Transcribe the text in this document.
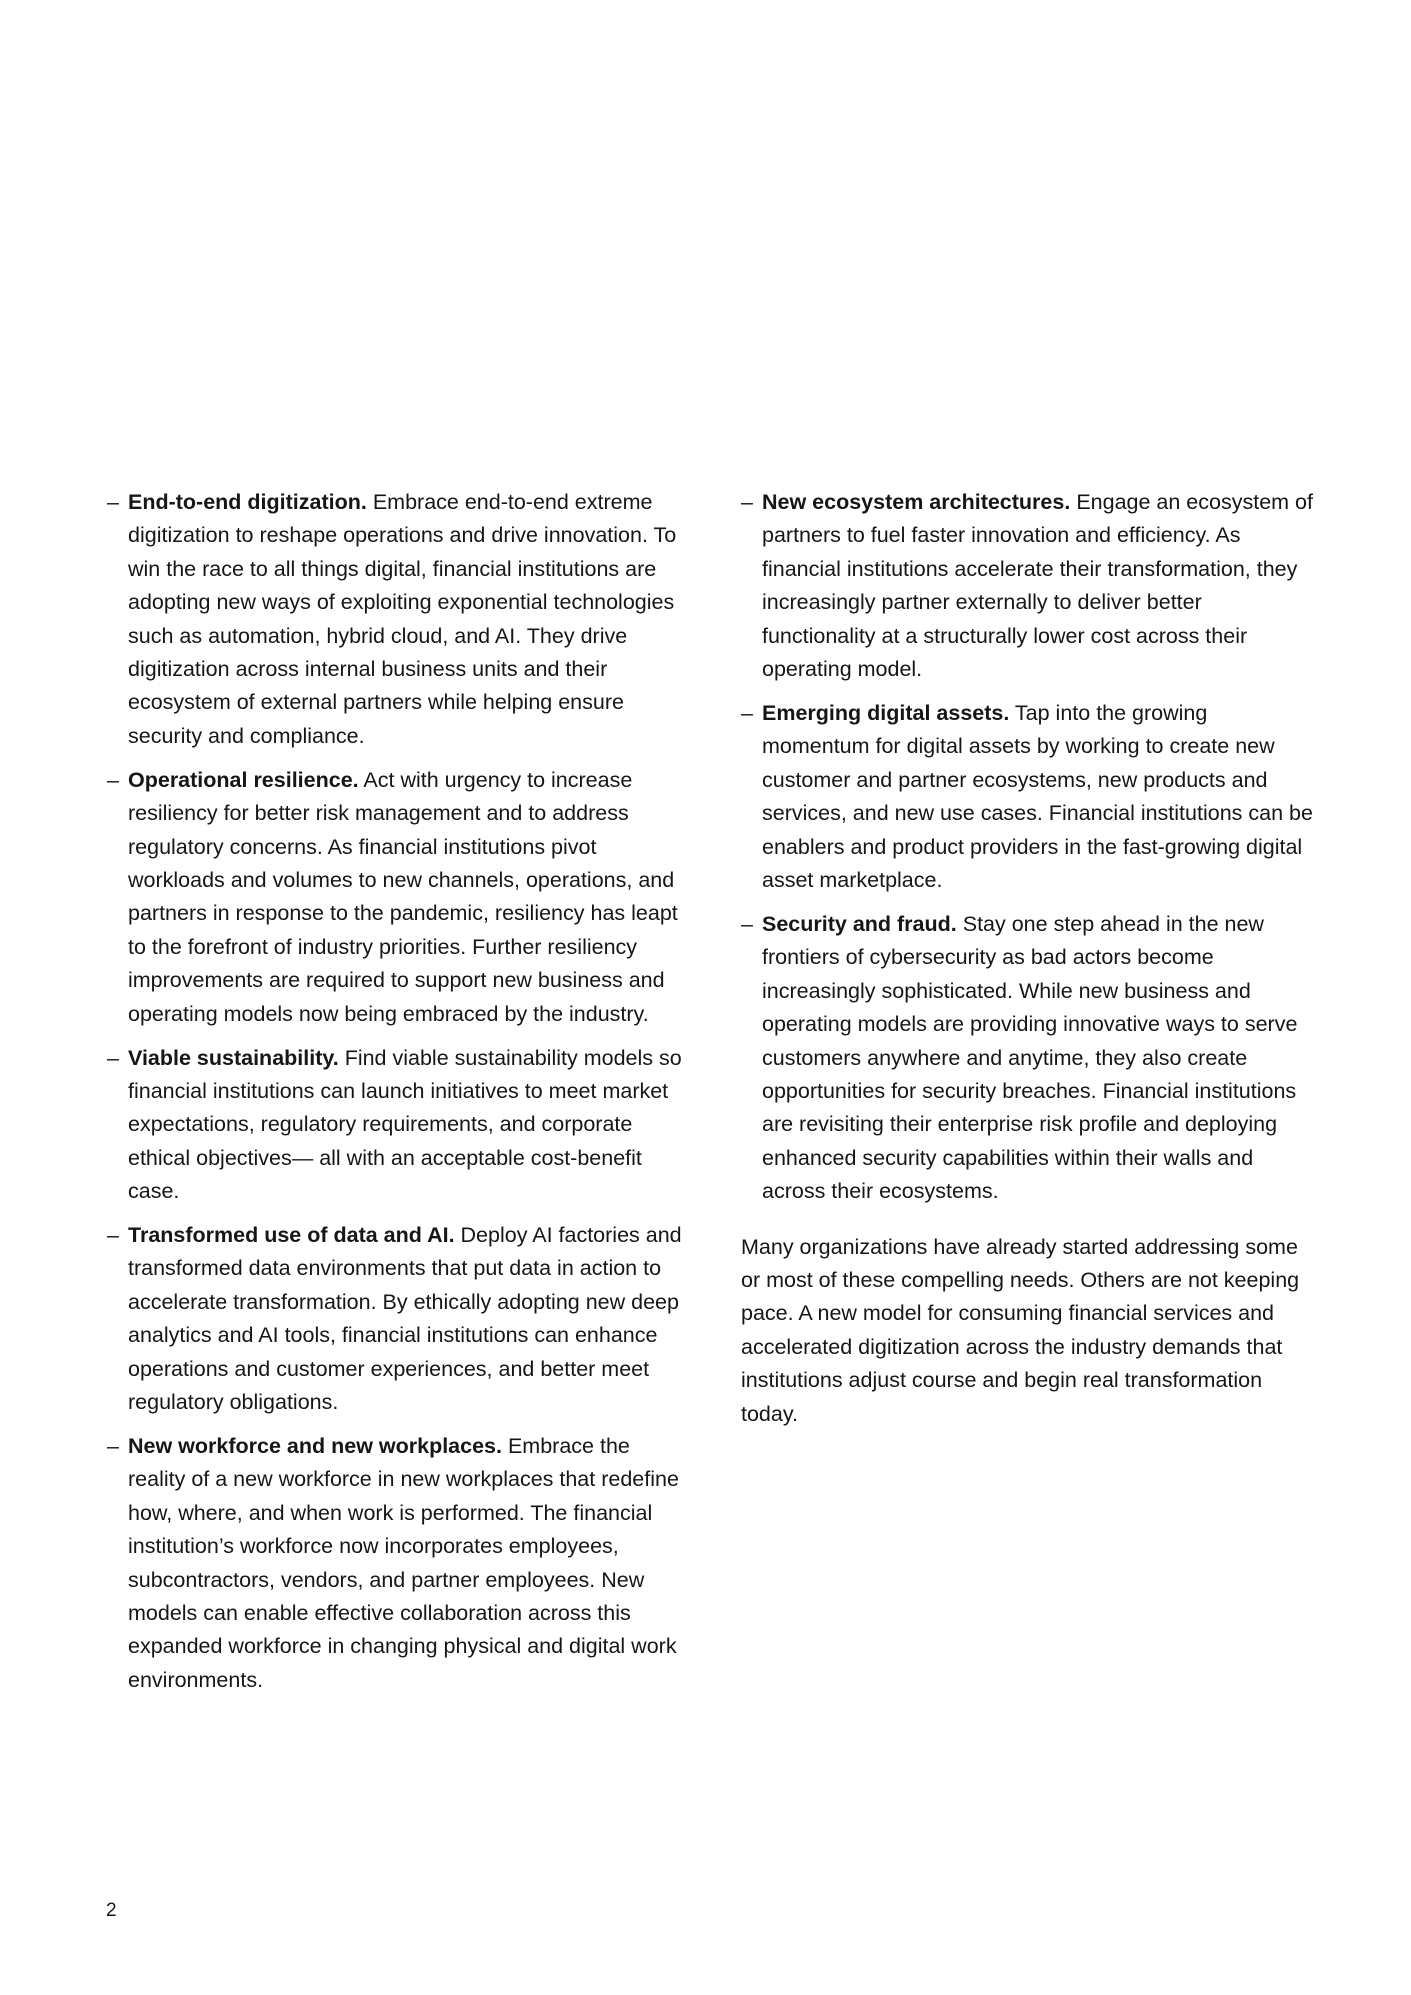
– End-to-end digitization. Embrace end-to-end extreme digitization to reshape operations and drive innovation. To win the race to all things digital, financial institutions are adopting new ways of exploiting exponential technologies such as automation, hybrid cloud, and AI. They drive digitization across internal business units and their ecosystem of external partners while helping ensure security and compliance.
– Operational resilience. Act with urgency to increase resiliency for better risk management and to address regulatory concerns. As financial institutions pivot workloads and volumes to new channels, operations, and partners in response to the pandemic, resiliency has leapt to the forefront of industry priorities. Further resiliency improvements are required to support new business and operating models now being embraced by the industry.
– Viable sustainability. Find viable sustainability models so financial institutions can launch initiatives to meet market expectations, regulatory requirements, and corporate ethical objectives— all with an acceptable cost-benefit case.
– Transformed use of data and AI. Deploy AI factories and transformed data environments that put data in action to accelerate transformation. By ethically adopting new deep analytics and AI tools, financial institutions can enhance operations and customer experiences, and better meet regulatory obligations.
– New workforce and new workplaces. Embrace the reality of a new workforce in new workplaces that redefine how, where, and when work is performed. The financial institution’s workforce now incorporates employees, subcontractors, vendors, and partner employees. New models can enable effective collaboration across this expanded workforce in changing physical and digital work environments.
– New ecosystem architectures. Engage an ecosystem of partners to fuel faster innovation and efficiency. As financial institutions accelerate their transformation, they increasingly partner externally to deliver better functionality at a structurally lower cost across their operating model.
– Emerging digital assets. Tap into the growing momentum for digital assets by working to create new customer and partner ecosystems, new products and services, and new use cases. Financial institutions can be enablers and product providers in the fast-growing digital asset marketplace.
– Security and fraud. Stay one step ahead in the new frontiers of cybersecurity as bad actors become increasingly sophisticated. While new business and operating models are providing innovative ways to serve customers anywhere and anytime, they also create opportunities for security breaches. Financial institutions are revisiting their enterprise risk profile and deploying enhanced security capabilities within their walls and across their ecosystems.

Many organizations have already started addressing some or most of these compelling needs. Others are not keeping pace. A new model for consuming financial services and accelerated digitization across the industry demands that institutions adjust course and begin real transformation today.

2
